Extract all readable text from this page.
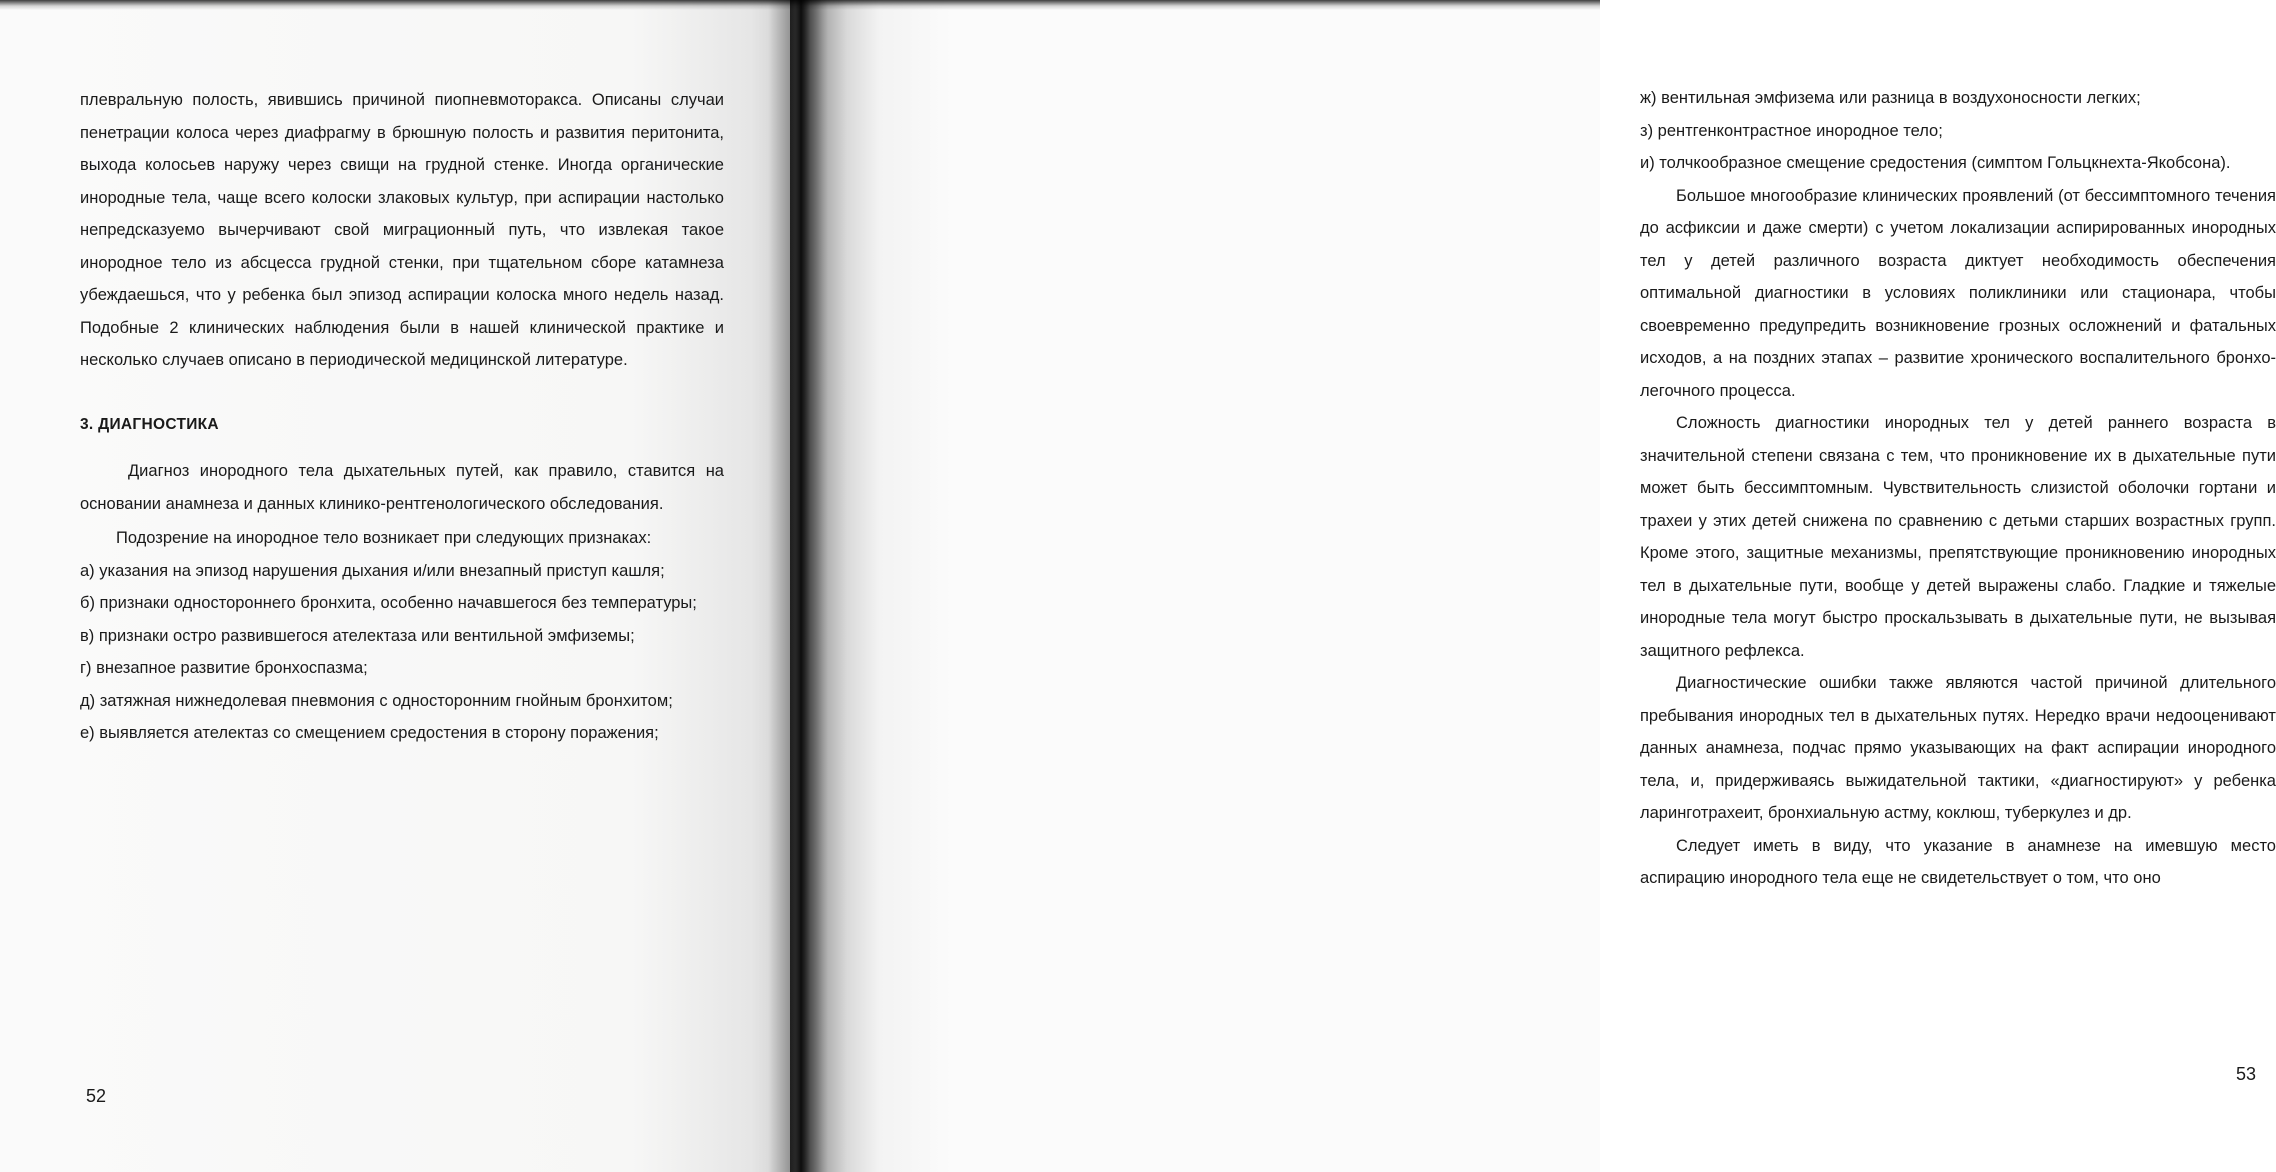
плевральную полость, явившись причиной пиопневмоторакса. Описаны случаи пенетрации колоса через диафрагму в брюшную полость и развития перитонита, выхода колосьев наружу через свищи на грудной стенке. Иногда органические инородные тела, чаще всего колоски злаковых культур, при аспирации настолько непредсказуемо вычерчивают свой миграционный путь, что извлекая такое инородное тело из абсцесса грудной стенки, при тщательном сборе катамнеза убеждаешься, что у ребенка был эпизод аспирации колоска много недель назад. Подобные 2 клинических наблюдения были в нашей клинической практике и несколько случаев описано в периодической медицинской литературе.

3. ДИАГНОСТИКА

Диагноз инородного тела дыхательных путей, как правило, ставится на основании анамнеза и данных клинико-рентгенологического обследования.

Подозрение на инородное тело возникает при следующих признаках:

а) указания на эпизод нарушения дыхания и/или внезапный приступ кашля;

б) признаки одностороннего бронхита, особенно начавшегося без температуры;

в) признаки остро развившегося ателектаза или вентильной эмфиземы;

г) внезапное развитие бронхоспазма;

д) затяжная нижнедолевая пневмония с односторонним гнойным бронхитом;

е) выявляется ателектаз со смещением средостения в сторону поражения;

52

ж) вентильная эмфизема или разница в воздухоносности легких;

з) рентгенконтрастное инородное тело;

и) толчкообразное смещение средостения (симптом Гольцкнехта-Якобсона).

Большое многообразие клинических проявлений (от бессимптомного течения до асфиксии и даже смерти) с учетом локализации аспирированных инородных тел у детей различного возраста диктует необходимость обеспечения оптимальной диагностики в условиях поликлиники или стационара, чтобы своевременно предупредить возникновение грозных осложнений и фатальных исходов, а на поздних этапах – развитие хронического воспалительного бронхо-легочного процесса.

Сложность диагностики инородных тел у детей раннего возраста в значительной степени связана с тем, что проникновение их в дыхательные пути может быть бессимптомным. Чувствительность слизистой оболочки гортани и трахеи у этих детей снижена по сравнению с детьми старших возрастных групп. Кроме этого, защитные механизмы, препятствующие проникновению инородных тел в дыхательные пути, вообще у детей выражены слабо. Гладкие и тяжелые инородные тела могут быстро проскальзывать в дыхательные пути, не вызывая защитного рефлекса.

Диагностические ошибки также являются частой причиной длительного пребывания инородных тел в дыхательных путях. Нередко врачи недооценивают данных анамнеза, подчас прямо указывающих на факт аспирации инородного тела, и, придерживаясь выжидательной тактики, «диагностируют» у ребенка ларинготрахеит, бронхиальную астму, коклюш, туберкулез и др.

Следует иметь в виду, что указание в анамнезе на имевшую место аспирацию инородного тела еще не свидетельствует о том, что оно

53
